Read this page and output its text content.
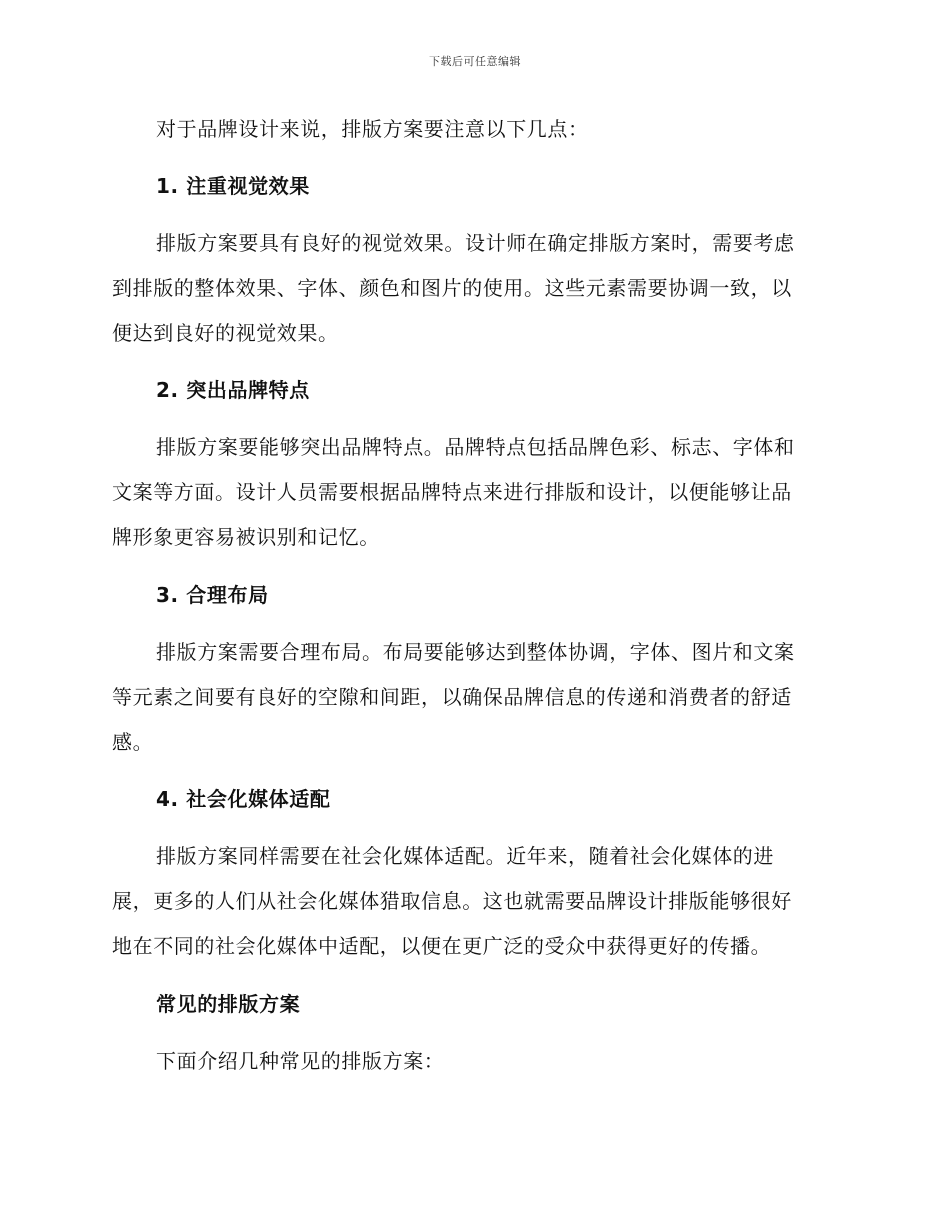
下载后可任意编辑
对于品牌设计来说，排版方案要注意以下几点：
1. 注重视觉效果
排版方案要具有良好的视觉效果。设计师在确定排版方案时，需要考虑
到排版的整体效果、字体、颜色和图片的使用。这些元素需要协调一致，以
便达到良好的视觉效果。
2. 突出品牌特点
排版方案要能够突出品牌特点。品牌特点包括品牌色彩、标志、字体和
文案等方面。设计人员需要根据品牌特点来进行排版和设计，以便能够让品
牌形象更容易被识别和记忆。
3. 合理布局
排版方案需要合理布局。布局要能够达到整体协调，字体、图片和文案
等元素之间要有良好的空隙和间距，以确保品牌信息的传递和消费者的舒适
感。
4. 社会化媒体适配
排版方案同样需要在社会化媒体适配。近年来，随着社会化媒体的进
展，更多的人们从社会化媒体猎取信息。这也就需要品牌设计排版能够很好
地在不同的社会化媒体中适配，以便在更广泛的受众中获得更好的传播。
常见的排版方案
下面介绍几种常见的排版方案：
